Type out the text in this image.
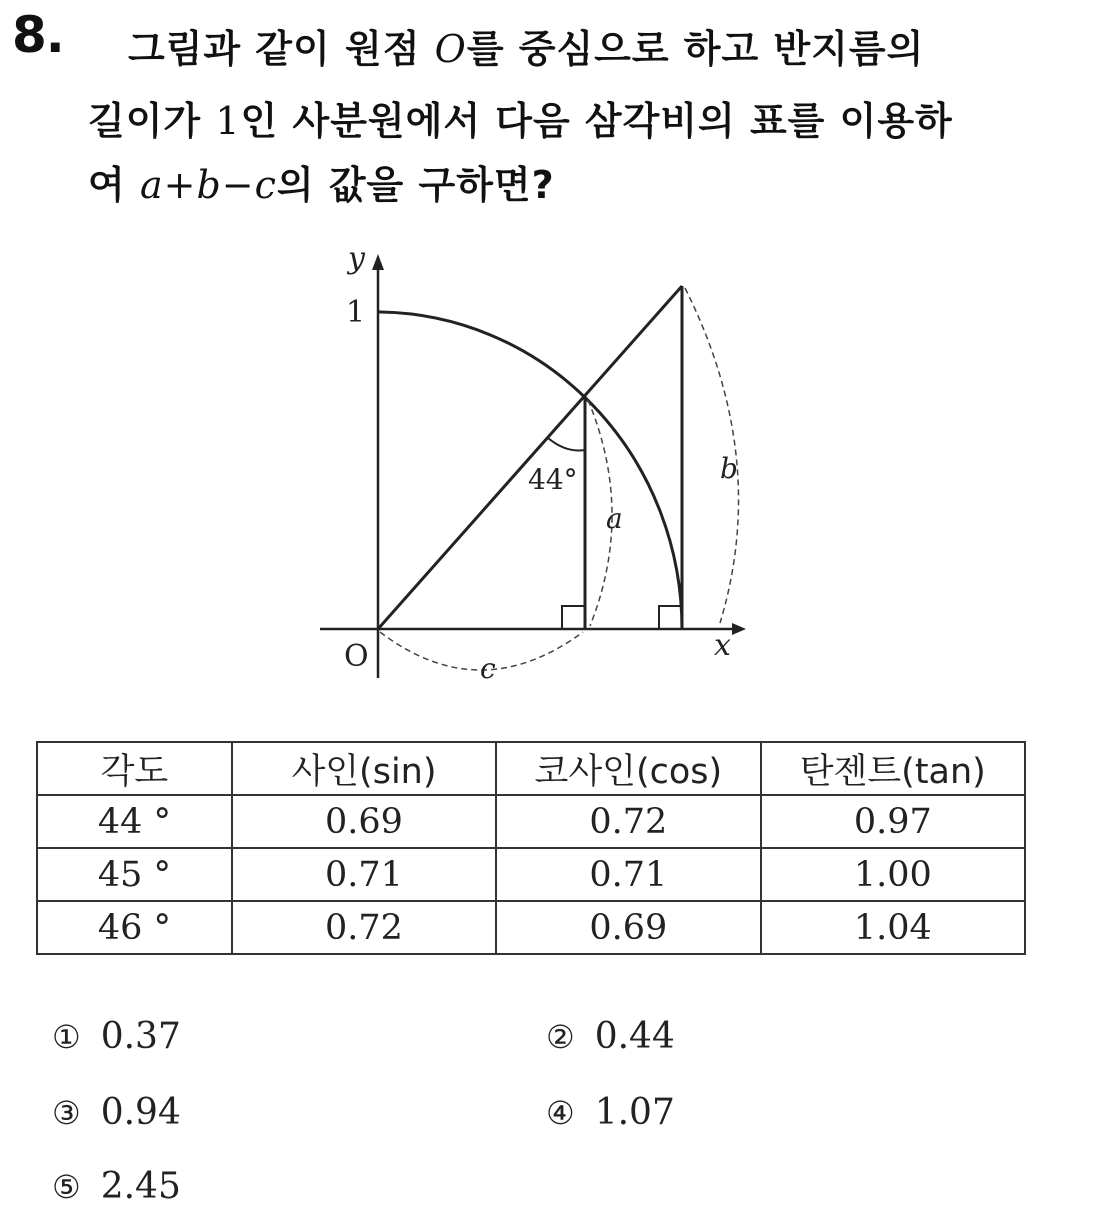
8. 그림과 같이 원점 O를 중심으로 하고 반지름의
길이가 1인 사분원에서 다음 삼각비의 표를 이용하
여 a+b−c의 값을 구하면?
y
x
O
1
44°
a
b
c
각도	사인(sin)	코사인(cos)	탄젠트(tan)
44 °	0.69	0.72	0.97
45 °	0.71	0.71	1.00
46 °	0.72	0.69	1.04
① 0.37	② 0.44
③ 0.94	④ 1.07
⑤ 2.45
